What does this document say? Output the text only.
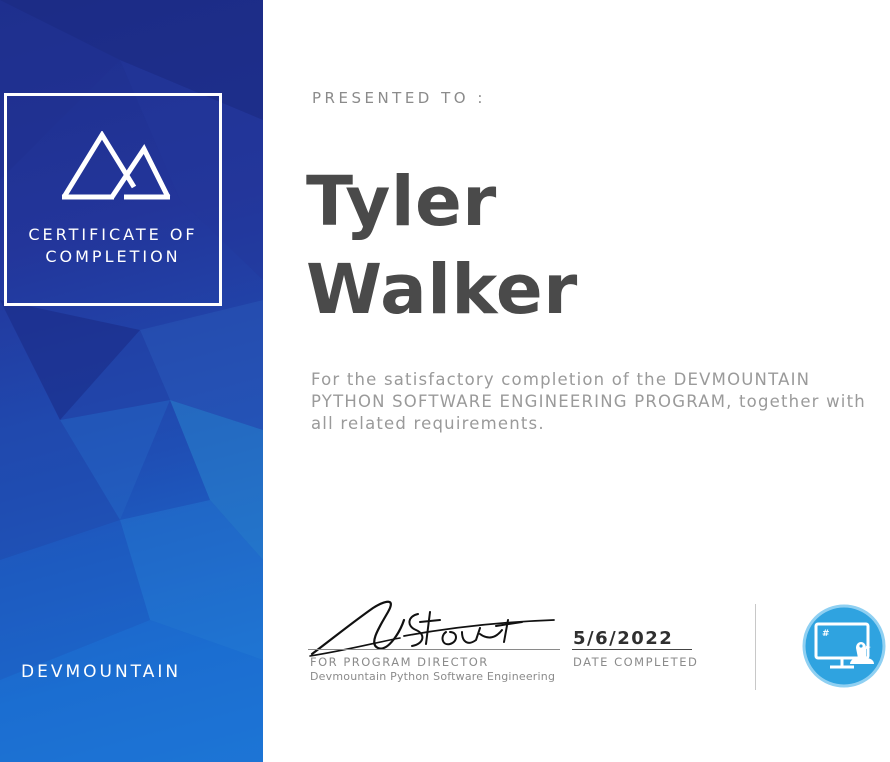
CERTIFICATE OF
COMPLETION
DEVMOUNTAIN
PRESENTED TO :
Tyler
Walker
For the satisfactory completion of the DEVMOUNTAIN PYTHON SOFTWARE ENGINEERING PROGRAM, together with all related requirements.
FOR PROGRAM DIRECTOR
Devmountain Python Software Engineering
5/6/2022
DATE COMPLETED
#
